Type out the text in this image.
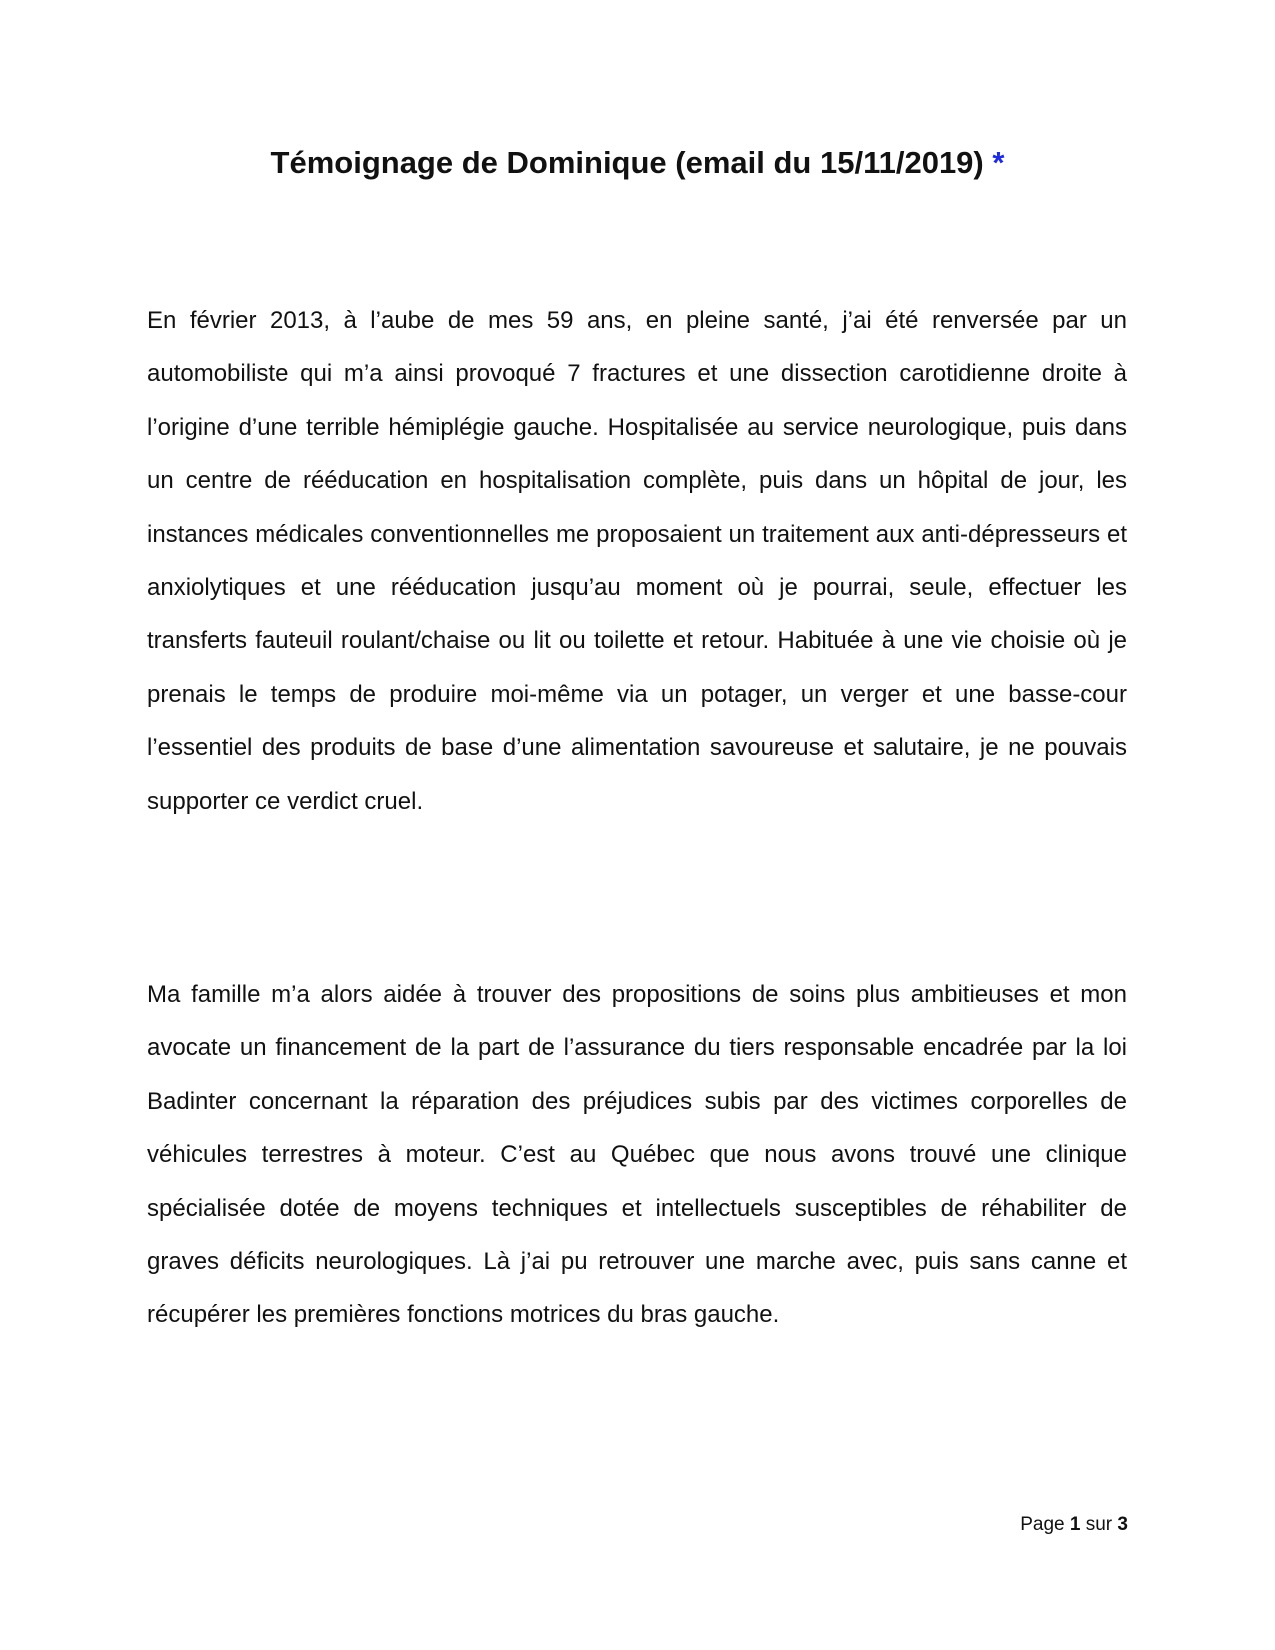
Témoignage de Dominique (email du 15/11/2019) *

En février 2013, à l’aube de mes 59 ans, en pleine santé, j’ai été renversée par un automobiliste qui m’a ainsi provoqué 7 fractures et une dissection carotidienne droite à l’origine d’une terrible hémiplégie gauche. Hospitalisée au service neurologique, puis dans un centre de rééducation en hospitalisation complète, puis dans un hôpital de jour, les instances médicales conventionnelles me proposaient un traitement aux anti-dépresseurs et anxiolytiques et une rééducation jusqu’au moment où je pourrai, seule, effectuer les transferts fauteuil roulant/chaise ou lit ou toilette et retour. Habituée à une vie choisie où je prenais le temps de produire moi-même via un potager, un verger et une basse-cour l’essentiel des produits de base d’une alimentation savoureuse et salutaire, je ne pouvais supporter ce verdict cruel.

Ma famille m’a alors aidée à trouver des propositions de soins plus ambitieuses et mon avocate un financement de la part de l’assurance du tiers responsable encadrée par la loi Badinter concernant la réparation des préjudices subis par des victimes corporelles de véhicules terrestres à moteur. C’est au Québec que nous avons trouvé une clinique spécialisée dotée de moyens techniques et intellectuels susceptibles de réhabiliter de graves déficits neurologiques. Là j’ai pu retrouver une marche avec, puis sans canne et récupérer les premières fonctions motrices du bras gauche.

Page 1 sur 3
